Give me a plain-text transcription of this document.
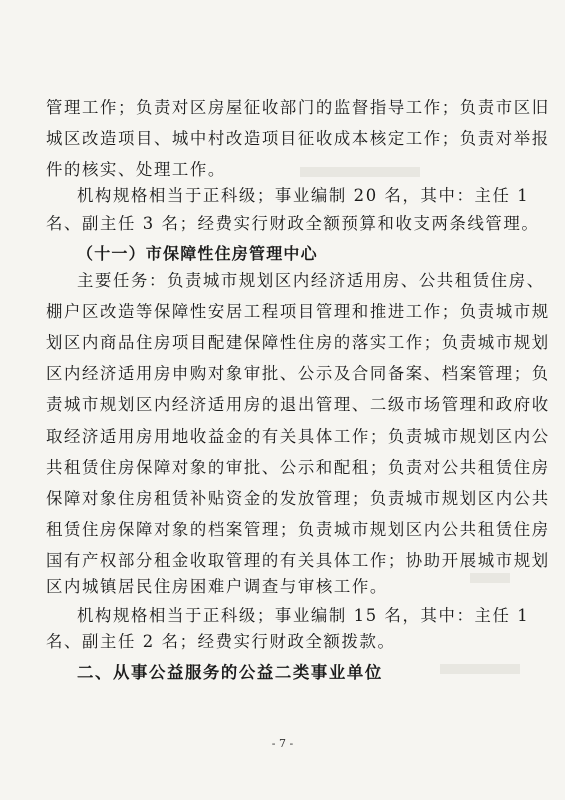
管理工作；负责对区房屋征收部门的监督指导工作；负责市区旧
城区改造项目、城中村改造项目征收成本核定工作；负责对举报
件的核实、处理工作。
机构规格相当于正科级；事业编制 20 名，其中：主任 1
名、副主任 3 名；经费实行财政全额预算和收支两条线管理。
（十一）市保障性住房管理中心
主要任务：负责城市规划区内经济适用房、公共租赁住房、
棚户区改造等保障性安居工程项目管理和推进工作；负责城市规
划区内商品住房项目配建保障性住房的落实工作；负责城市规划
区内经济适用房申购对象审批、公示及合同备案、档案管理；负
责城市规划区内经济适用房的退出管理、二级市场管理和政府收
取经济适用房用地收益金的有关具体工作；负责城市规划区内公
共租赁住房保障对象的审批、公示和配租；负责对公共租赁住房
保障对象住房租赁补贴资金的发放管理；负责城市规划区内公共
租赁住房保障对象的档案管理；负责城市规划区内公共租赁住房
国有产权部分租金收取管理的有关具体工作；协助开展城市规划
区内城镇居民住房困难户调查与审核工作。
机构规格相当于正科级；事业编制 15 名，其中：主任 1
名、副主任 2 名；经费实行财政全额拨款。
二、从事公益服务的公益二类事业单位
- 7 -
